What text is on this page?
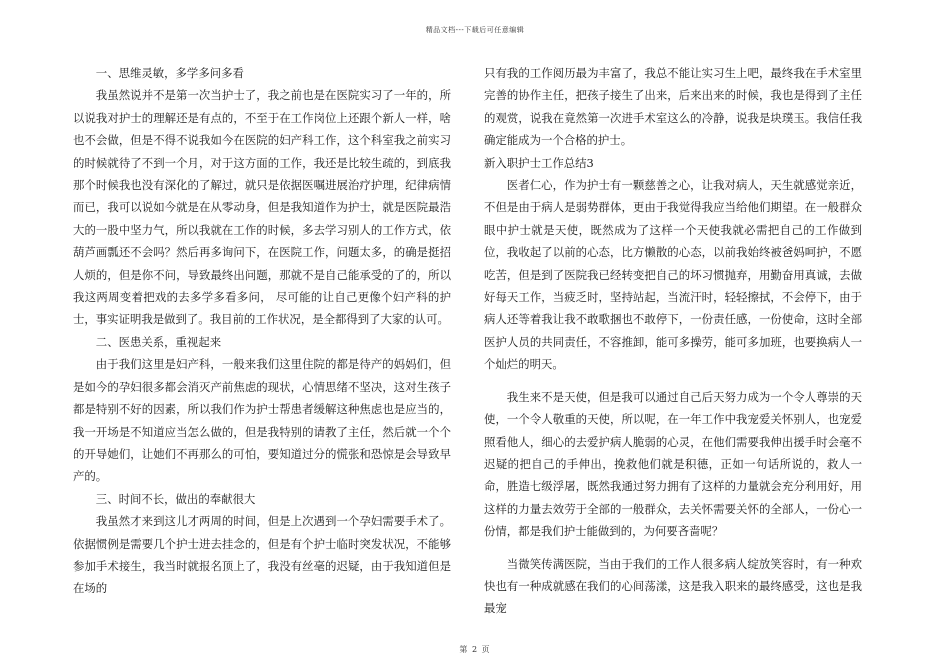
精品文档---下载后可任意编辑
一、思维灵敏，多学多问多看

我虽然说并不是第一次当护士了，我之前也是在医院实习了一年的，所以说我对护士的理解还是有点的，不至于在工作岗位上还跟个新人一样，啥也不会做，但是不得不说我如今在医院的妇产科工作，这个科室我之前实习的时候就待了不到一个月，对于这方面的工作，我还是比较生疏的，到底我那个时候我也没有深化的了解过，就只是依据医嘱进展治疗护理，纪律病情而已，我可以说如今就是在从零动身，但是我知道作为护士，就是医院最浩大的一股中坚力气，所以我就在工作的时候，多去学习别人的工作方式，依葫芦画瓢还不会吗？然后再多询问下，在医院工作，问题太多，的确是挺招人烦的，但是你不问，导致最终出问题，那就不是自己能承受的了的，所以我这两周变着把戏的去多学多看多问， 尽可能的让自己更像个妇产科的护士，事实证明我是做到了。我目前的工作状况，是全都得到了大家的认可。

二、医患关系，重视起来

由于我们这里是妇产科，一般来我们这里住院的都是待产的妈妈们，但是如今的孕妇很多都会消灭产前焦虑的现状，心情思绪不坚决，这对生孩子都是特别不好的因素，所以我们作为护士帮患者缓解这种焦虑也是应当的，我一开场是不知道应当怎么做的，但是我特别的请教了主任，然后就一个个的开导她们，让她们不再那么的可怕，要知道过分的慌张和恐惊是会导致早产的。

三、时间不长，做出的奉献很大

我虽然才来到这儿才两周的时间，但是上次遇到一个孕妇需要手术了。依据惯例是需要几个护士进去挂念的，但是有个护士临时突发状况，不能够参加手术接生，我当时就报名顶上了，我没有丝毫的迟疑，由于我知道但是在场的

只有我的工作阅历最为丰富了，我总不能让实习生上吧，最终我在手术室里完善的协作主任，把孩子接生了出来，后来出来的时候，我也是得到了主任的观赏，说我在竟然第一次进手术室这么的冷静，说我是块璞玉。我信任我确定能成为一个合格的护士。

新入职护士工作总结3

医者仁心，作为护士有一颗慈善之心，让我对病人，天生就感觉亲近，不但是由于病人是弱势群体，更由于我觉得我应当给他们期望。在一般群众眼中护士就是天使，既然成为了这样一个天使我就必需把自己的工作做到位，我收起了以前的心态，比方懒散的心态，以前我始终被爸妈呵护，不愿吃苦，但是到了医院我已经转变把自己的坏习惯抛弃，用勤奋用真诚，去做好每天工作，当疲乏时，坚持站起，当流汗时，轻轻擦拭，不会停下，由于病人还等着我让我不敢歌捆也不敢停下，一份责任感，一份使命，这时全部医护人员的共同责任，不容推卸，能可多操劳，能可多加班，也要换病人一个灿烂的明天。

我生来不是天使，但是我可以通过自己后天努力成为一个令人尊崇的天使，一个令人敬重的天使，所以呢，在一年工作中我宠爱关怀别人，也宠爱照看他人，细心的去爱护病人脆弱的心灵，在他们需要我伸出援手时会毫不迟疑的把自己的手伸出，挽救他们就是积德，正如一句话所说的，救人一命，胜造七级浮屠，既然我通过努力拥有了这样的力量就会充分利用好，用这样的力量去效劳于全部的一般群众，去关怀需要关怀的全部人，一份心一份情，都是我们护士能做到的，为何要吝啬呢？

当微笑传满医院，当由于我们的工作人很多病人绽放笑容时，有一种欢快也有一种成就感在我们的心间荡漾，这是我入职来的最终感受，这也是我最宠

第 2 页
